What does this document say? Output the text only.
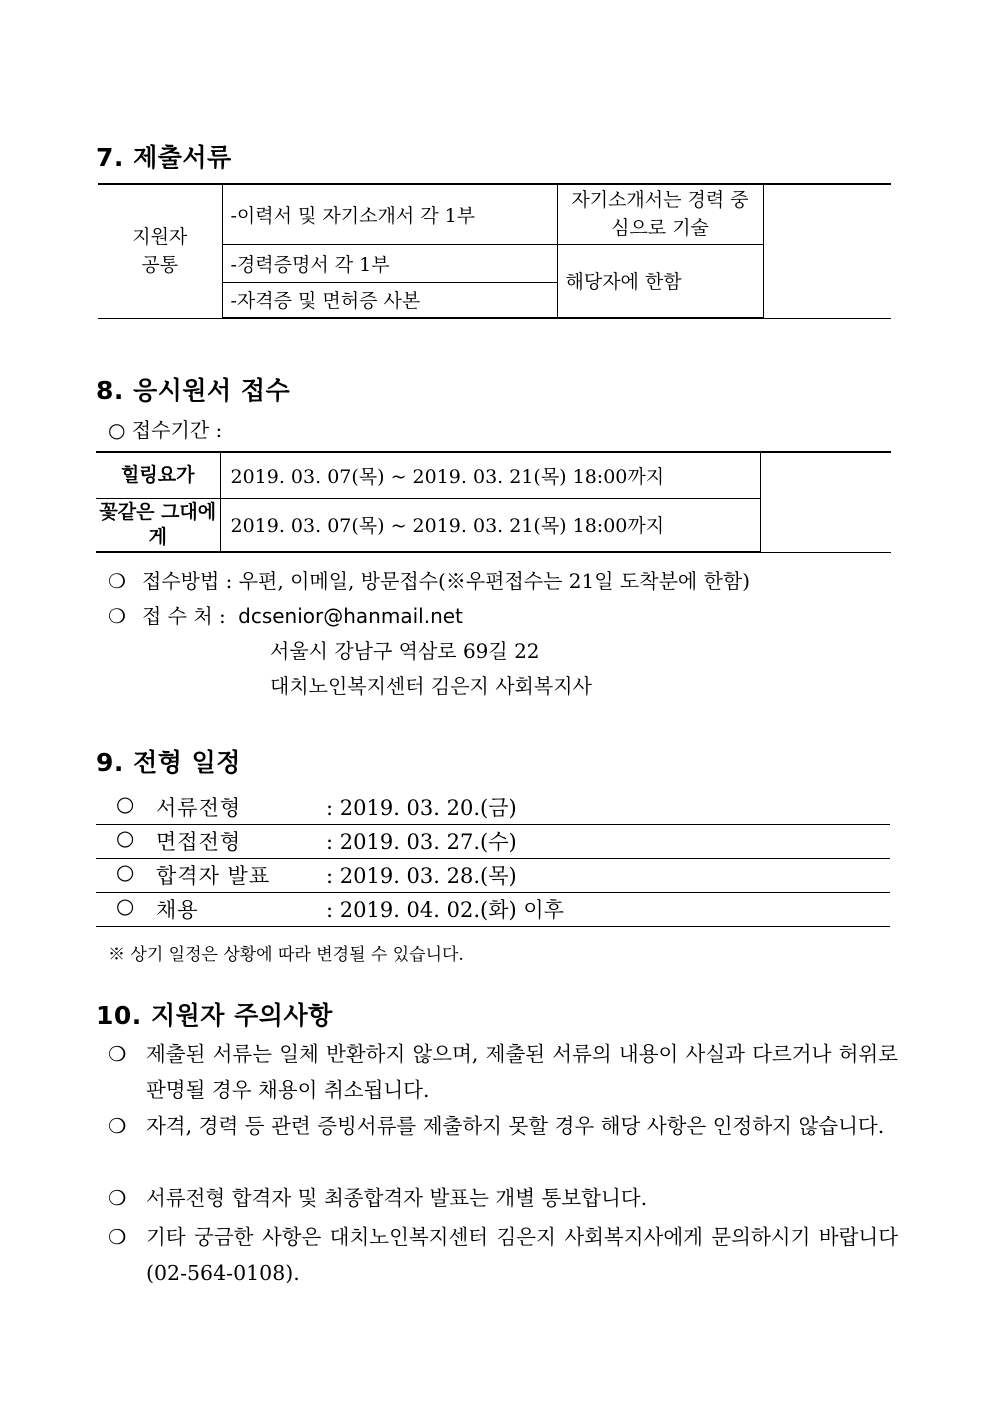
7. 제출서류
지원자 공통	-이력서 및 자기소개서 각 1부	자기소개서는 경력 중심으로 기술	
	-경력증명서 각 1부	해당자에 한함	
	-자격증 및 면허증 사본		
8. 응시원서 접수
○ 접수기간 :
힐링요가	2019. 03. 07(목) ~ 2019. 03. 21(목) 18:00까지	
꽃같은 그대에게	2019. 03. 07(목) ~ 2019. 03. 21(목) 18:00까지	
❍ 접수방법 : 우편, 이메일, 방문접수(※우편접수는 21일 도착분에 한함)
❍ 접 수 처 : dcsenior@hanmail.net
서울시 강남구 역삼로 69길 22
대치노인복지센터 김은지 사회복지사
9. 전형 일정
○ 서류전형	: 2019. 03. 20.(금)
○ 면접전형	: 2019. 03. 27.(수)
○ 합격자 발표	: 2019. 03. 28.(목)
○ 채용	: 2019. 04. 02.(화) 이후
※ 상기 일정은 상황에 따라 변경될 수 있습니다.
10. 지원자 주의사항
❍ 제출된 서류는 일체 반환하지 않으며, 제출된 서류의 내용이 사실과 다르거나 허위로 판명될 경우 채용이 취소됩니다.
❍ 자격, 경력 등 관련 증빙서류를 제출하지 못할 경우 해당 사항은 인정하지 않습니다.
❍ 서류전형 합격자 및 최종합격자 발표는 개별 통보합니다.
❍ 기타 궁금한 사항은 대치노인복지센터 김은지 사회복지사에게 문의하시기 바랍니다(02-564-0108).
